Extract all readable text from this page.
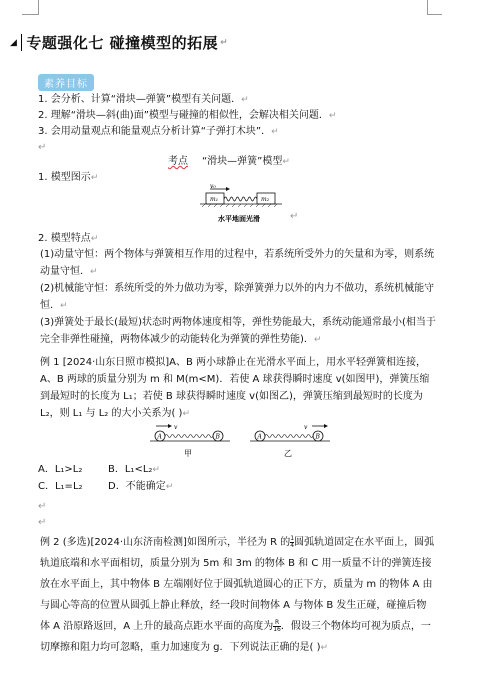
◢ 专题强化七 碰撞模型的拓展 ↵
素养目标
1. 会分析、计算“滑块—弹簧”模型有关问题．↵
2. 理解“滑块—斜(曲)面”模型与碰撞的相似性，会解决相关问题．↵
3. 会用动量观点和能量观点分析计算“子弹打木块”．↵
↵
考点 “滑块—弹簧”模型↵
1. 模型图示↵
v₀
m₁	m₂
水平地面光滑	↵
2. 模型特点↵
(1)动量守恒：两个物体与弹簧相互作用的过程中，若系统所受外力的矢量和为零，则系统动量守恒．↵
(2)机械能守恒：系统所受的外力做功为零，除弹簧弹力以外的内力不做功，系统机械能守恒．↵
(3)弹簧处于最长(最短)状态时两物体速度相等，弹性势能最大，系统动能通常最小(相当于完全非弹性碰撞，两物体减少的动能转化为弹簧的弹性势能)．↵
例 1 [2024·山东日照市模拟]A、B 两小球静止在光滑水平面上，用水平轻弹簧相连接，A、B 两球的质量分别为 m 和 M(m<M)．若使 A 球获得瞬时速度 v(如图甲)，弹簧压缩到最短时的长度为 L₁；若使 B 球获得瞬时速度 v(如图乙)，弹簧压缩到最短时的长度为 L₂，则 L₁ 与 L₂ 的大小关系为( )↵
v
A	B
甲
v
A	B
乙
A．L₁>L₂	B．L₁<L₂↵
C．L₁=L₂	D．不能确定↵
↵
↵
例 2 (多选)[2024·山东济南检测]如图所示，半径为 R 的 $\frac{1}{4}$ 圆弧轨道固定在水平面上，圆弧轨道底端和水平面相切，质量分别为 5m 和 3m 的物体 B 和 C 用一质量不计的弹簧连接放在水平面上，其中物体 B 左端刚好位于圆弧轨道圆心的正下方，质量为 m 的物体 A 由与圆心等高的位置从圆弧上静止释放，经一段时间物体 A 与物体 B 发生正碰，碰撞后物体 A 沿原路返回，A 上升的最高点距水平面的高度为 $\frac{R}{16}$ ．假设三个物体均可视为质点，一切摩擦和阻力均可忽略，重力加速度为 g．下列说法正确的是( )↵
